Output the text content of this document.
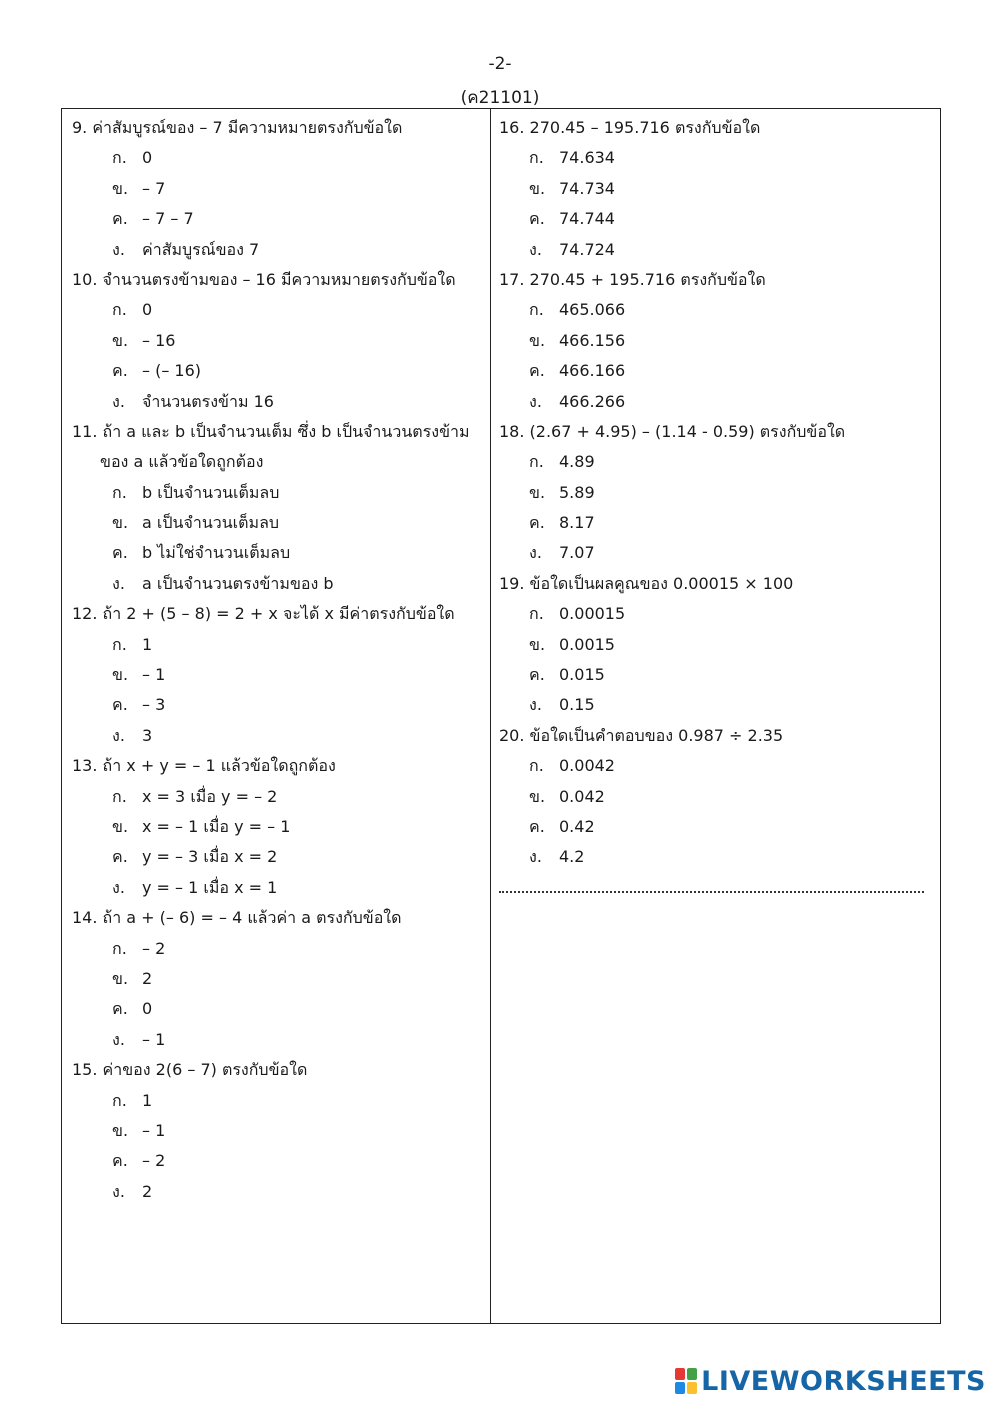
-2-
(ค21101)
9. ค่าสัมบูรณ์ของ – 7 มีความหมายตรงกับข้อใด
ก. 0
ข. – 7
ค. – 7 – 7
ง. ค่าสัมบูรณ์ของ 7
10. จำนวนตรงข้ามของ – 16 มีความหมายตรงกับข้อใด
ก. 0
ข. – 16
ค. – (– 16)
ง. จำนวนตรงข้าม 16
11. ถ้า a และ b เป็นจำนวนเต็ม ซึ่ง b เป็นจำนวนตรงข้าม
ของ a แล้วข้อใดถูกต้อง
ก. b เป็นจำนวนเต็มลบ
ข. a เป็นจำนวนเต็มลบ
ค. b ไม่ใช่จำนวนเต็มลบ
ง. a เป็นจำนวนตรงข้ามของ b
12. ถ้า 2 + (5 – 8) = 2 + x จะได้ x มีค่าตรงกับข้อใด
ก. 1
ข. – 1
ค. – 3
ง. 3
13. ถ้า x + y = – 1 แล้วข้อใดถูกต้อง
ก. x = 3 เมื่อ y = – 2
ข. x = – 1 เมื่อ y = – 1
ค. y = – 3 เมื่อ x = 2
ง. y = – 1 เมื่อ x = 1
14. ถ้า a + (– 6) = – 4 แล้วค่า a ตรงกับข้อใด
ก. – 2
ข. 2
ค. 0
ง. – 1
15. ค่าของ 2(6 – 7) ตรงกับข้อใด
ก. 1
ข. – 1
ค. – 2
ง. 2
16. 270.45 – 195.716 ตรงกับข้อใด
ก. 74.634
ข. 74.734
ค. 74.744
ง. 74.724
17. 270.45 + 195.716 ตรงกับข้อใด
ก. 465.066
ข. 466.156
ค. 466.166
ง. 466.266
18. (2.67 + 4.95) – (1.14 - 0.59) ตรงกับข้อใด
ก. 4.89
ข. 5.89
ค. 8.17
ง. 7.07
19. ข้อใดเป็นผลคูณของ 0.00015 × 100
ก. 0.00015
ข. 0.0015
ค. 0.015
ง. 0.15
20. ข้อใดเป็นคำตอบของ 0.987 ÷ 2.35
ก. 0.0042
ข. 0.042
ค. 0.42
ง. 4.2
LIVEWORKSHEETS
